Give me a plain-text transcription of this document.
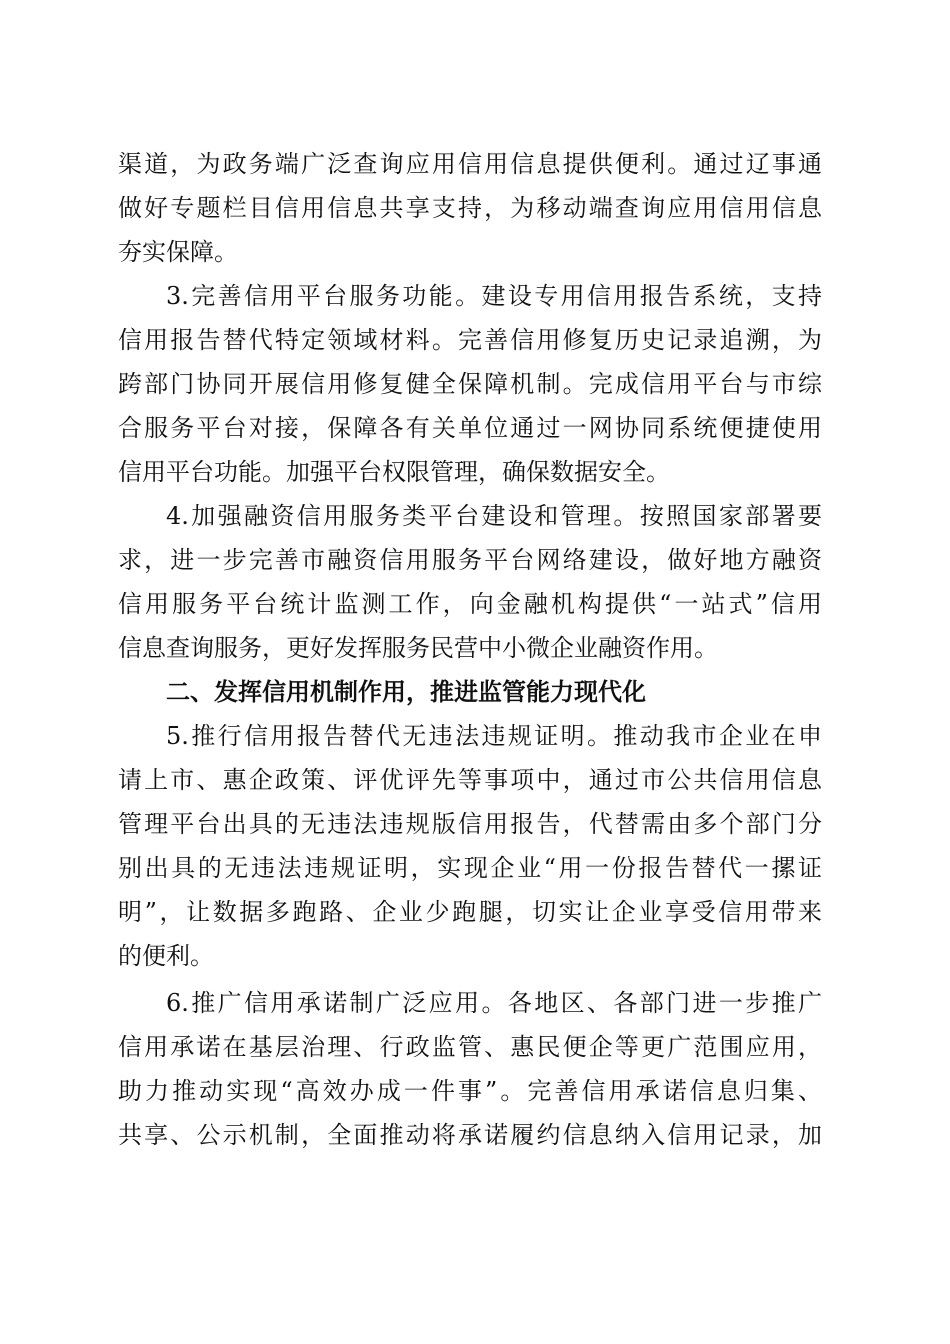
渠道，为政务端广泛查询应用信用信息提供便利。通过辽事通
做好专题栏目信用信息共享支持，为移动端查询应用信用信息
夯实保障。
3.完善信用平台服务功能。建设专用信用报告系统，支持
信用报告替代特定领域材料。完善信用修复历史记录追溯，为
跨部门协同开展信用修复健全保障机制。完成信用平台与市综
合服务平台对接，保障各有关单位通过一网协同系统便捷使用
信用平台功能。加强平台权限管理，确保数据安全。
4.加强融资信用服务类平台建设和管理。按照国家部署要
求，进一步完善市融资信用服务平台网络建设，做好地方融资
信用服务平台统计监测工作，向金融机构提供“一站式”信用
信息查询服务，更好发挥服务民营中小微企业融资作用。
二、发挥信用机制作用，推进监管能力现代化
5.推行信用报告替代无违法违规证明。推动我市企业在申
请上市、惠企政策、评优评先等事项中，通过市公共信用信息
管理平台出具的无违法违规版信用报告，代替需由多个部门分
别出具的无违法违规证明，实现企业“用一份报告替代一摞证
明”，让数据多跑路、企业少跑腿，切实让企业享受信用带来
的便利。
6.推广信用承诺制广泛应用。各地区、各部门进一步推广
信用承诺在基层治理、行政监管、惠民便企等更广范围应用，
助力推动实现“高效办成一件事”。完善信用承诺信息归集、
共享、公示机制，全面推动将承诺履约信息纳入信用记录，加
